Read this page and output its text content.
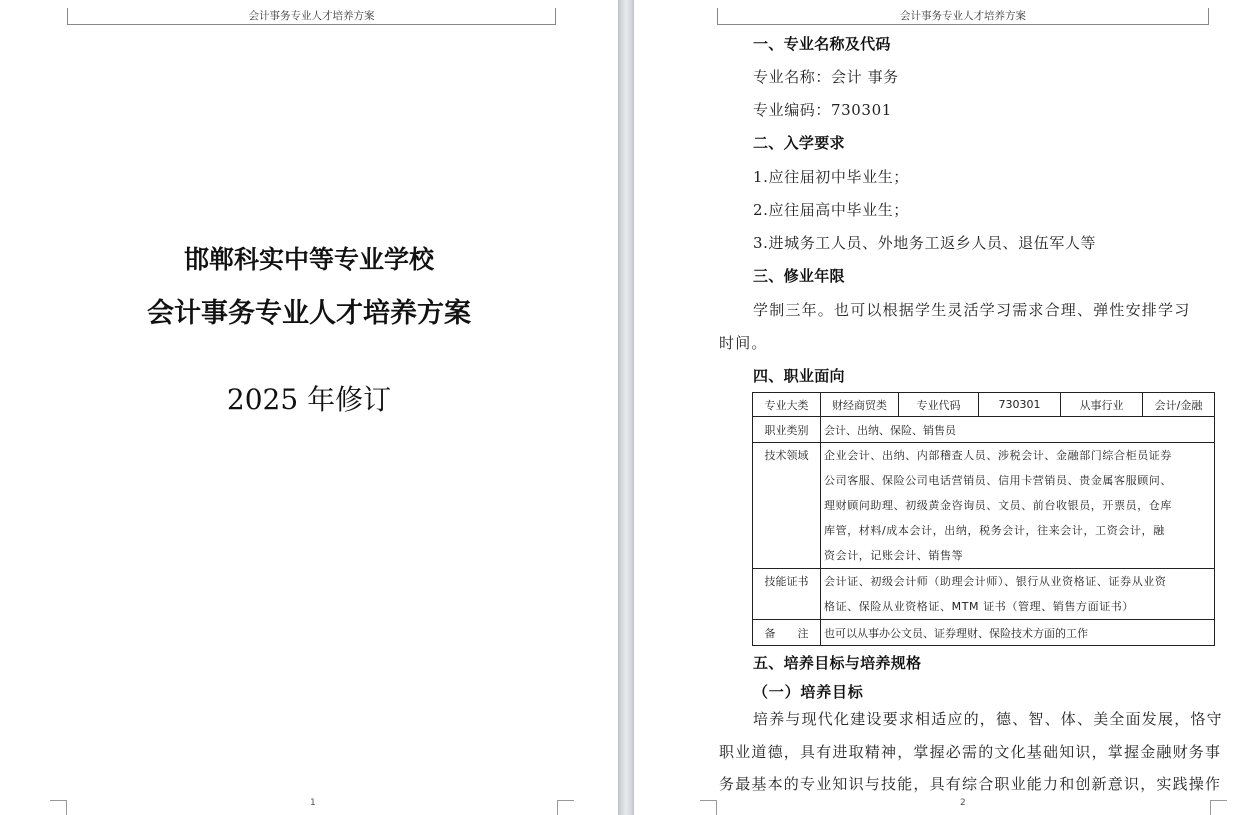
会计事务专业人才培养方案
邯郸科实中等专业学校
会计事务专业人才培养方案
2025 年修订
1
会计事务专业人才培养方案
一、专业名称及代码
专业名称：会计 事务
专业编码：730301
二、入学要求
1.应往届初中毕业生；
2.应往届高中毕业生；
3.进城务工人员、外地务工返乡人员、退伍军人等
三、修业年限
学制三年。也可以根据学生灵活学习需求合理、弹性安排学习
时间。
四、职业面向
专业大类	财经商贸类	专业代码	730301	从事行业	会计/金融
职业类别	会计、出纳、保险、销售员				
技术领域	企业会计、出纳、内部稽查人员、涉税会计、金融部门综合柜员证券
公司客服、保险公司电话营销员、信用卡营销员、贵金属客服顾问、
理财顾问助理、初级黄金咨询员、文员、前台收银员，开票员，仓库
库管，材料/成本会计，出纳，税务会计，往来会计，工资会计，融
资会计，记账会计、销售等				

技能证书	会计证、初级会计师（助理会计师）、银行从业资格证、证券从业资
格证、保险从业资格证、MTM 证书（管理、销售方面证书）				

备　　注	也可以从事办公文员、证券理财、保险技术方面的工作				
五、培养目标与培养规格
（一）培养目标
培养与现代化建设要求相适应的，德、智、体、美全面发展，恪守
职业道德，具有进取精神，掌握必需的文化基础知识，掌握金融财务事
务最基本的专业知识与技能，具有综合职业能力和创新意识，实践操作
2
